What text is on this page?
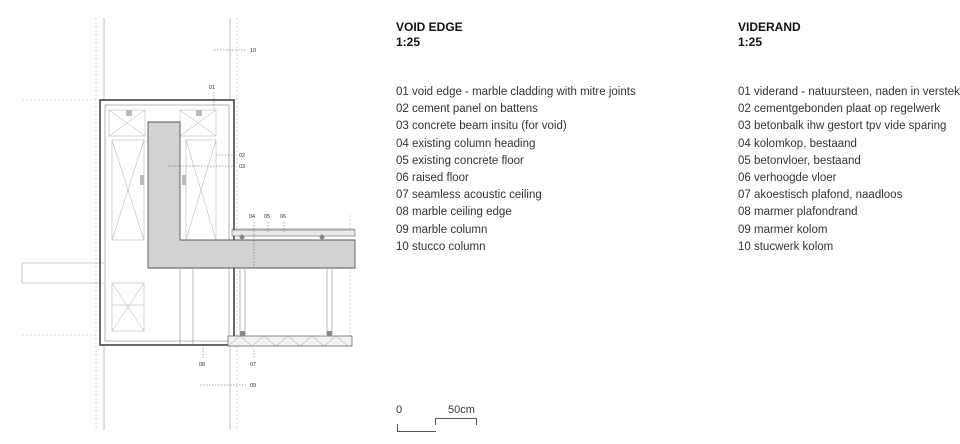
10
01
02
03
04 05 06
07
08
09
VOID EDGE
1:25
01 void edge - marble cladding with mitre joints
02 cement panel on battens
03 concrete beam insitu (for void)
04 existing column heading
05 existing concrete floor
06 raised floor
07 seamless acoustic ceiling
08 marble ceiling edge
09 marble column
10 stucco column
VIDERAND
1:25
01 viderand - natuursteen, naden in verstek
02 cementgebonden plaat op regelwerk
03 betonbalk ihw gestort tpv vide sparing
04 kolomkop, bestaand
05 betonvloer, bestaand
06 verhoogde vloer
07 akoestisch plafond, naadloos
08 marmer plafondrand
09 marmer kolom
10 stucwerk kolom
0	50cm
